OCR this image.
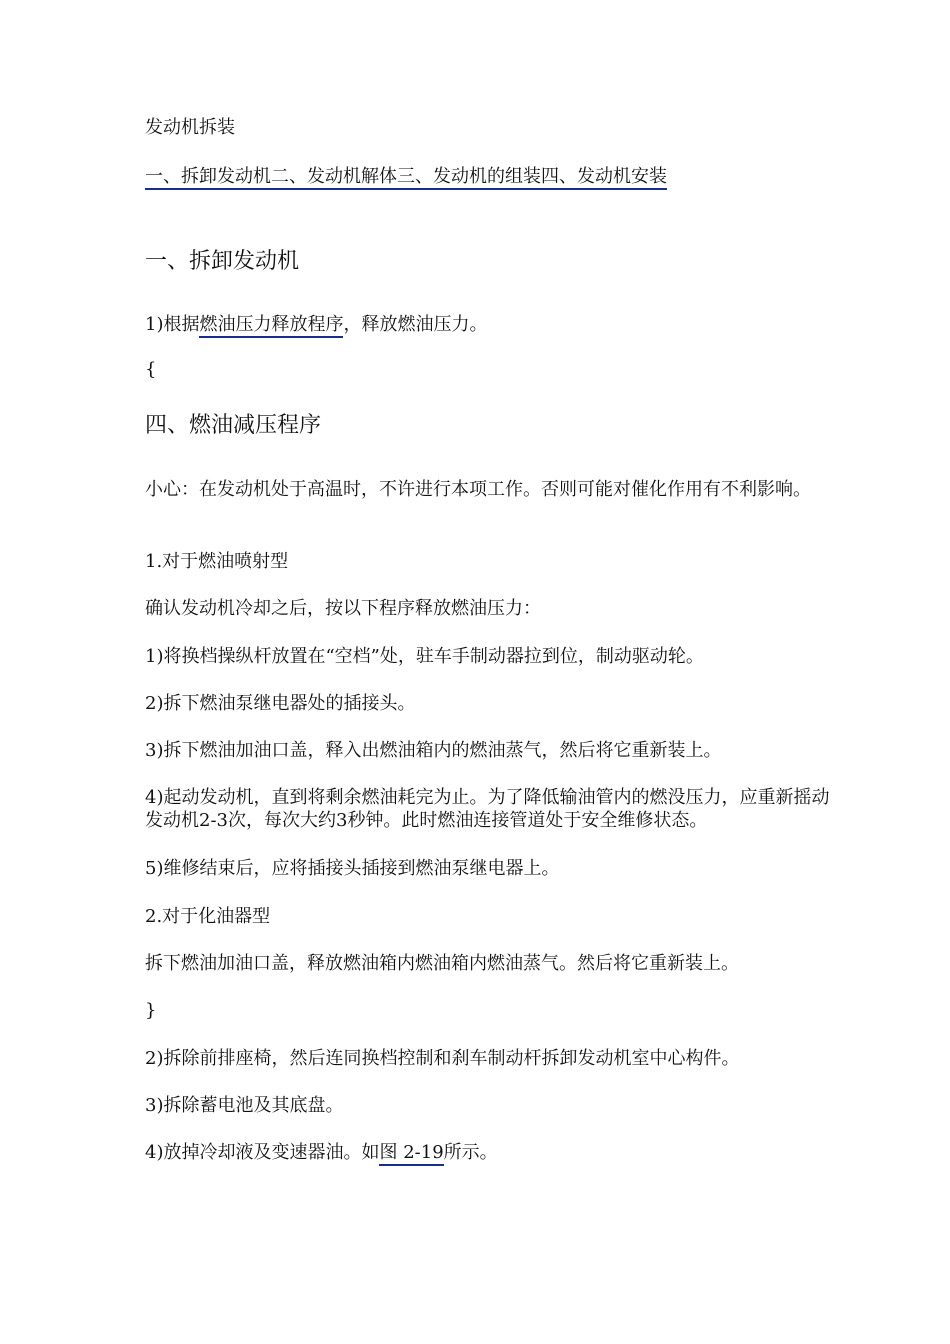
发动机拆装

一、拆卸发动机二、发动机解体三、发动机的组装四、发动机安装

一、拆卸发动机

1)根据燃油压力释放程序，释放燃油压力。

{

四、燃油减压程序

小心：在发动机处于高温时，不许进行本项工作。否则可能对催化作用有不利影响。

1.对于燃油喷射型

确认发动机冷却之后，按以下程序释放燃油压力：

1)将换档操纵杆放置在“空档”处，驻车手制动器拉到位，制动驱动轮。

2)拆下燃油泵继电器处的插接头。

3)拆下燃油加油口盖，释入出燃油箱内的燃油蒸气，然后将它重新装上。

4)起动发动机，直到将剩余燃油耗完为止。为了降低输油管内的燃没压力，应重新摇动发动机2-3次，每次大约3秒钟。此时燃油连接管道处于安全维修状态。

5)维修结束后，应将插接头插接到燃油泵继电器上。

2.对于化油器型

拆下燃油加油口盖，释放燃油箱内燃油箱内燃油蒸气。然后将它重新装上。

}

2)拆除前排座椅，然后连同换档控制和刹车制动杆拆卸发动机室中心构件。

3)拆除蓄电池及其底盘。

4)放掉冷却液及变速器油。如图 2-19所示。
